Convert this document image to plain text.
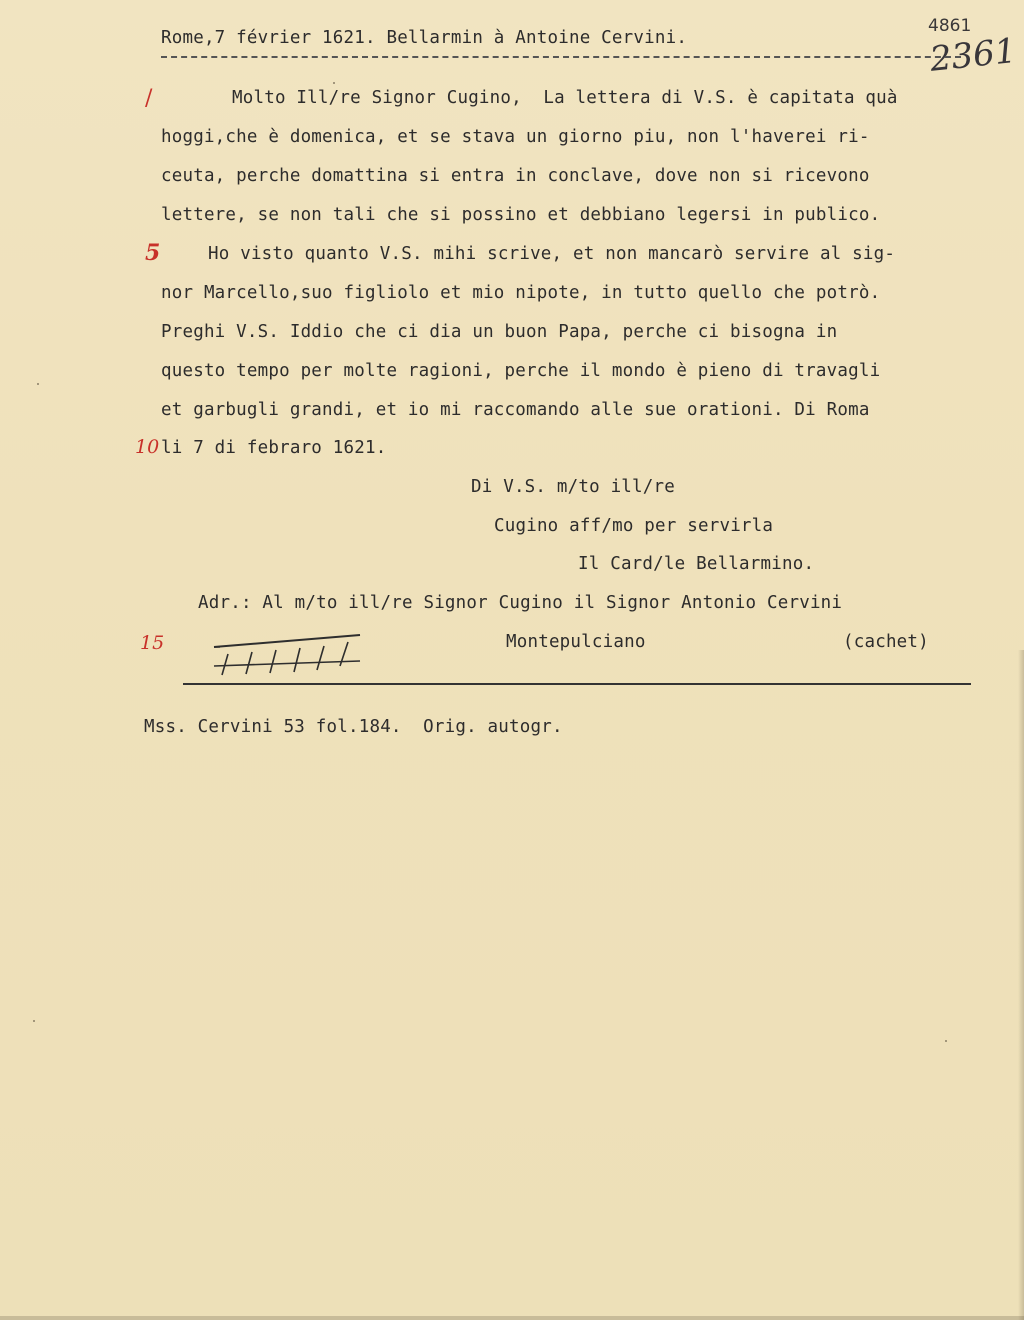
Rome,7 février 1621. Bellarmin à Antoine Cervini.
4861
2361
/
5
10
15
Molto Ill/re Signor Cugino,  La lettera di V.S. è capitata quà
hoggi,che è domenica, et se stava un giorno piu, non l'haverei ri-
ceuta, perche domattina si entra in conclave, dove non si ricevono
lettere, se non tali che si possino et debbiano legersi in publico.
Ho visto quanto V.S. mihi scrive, et non mancarò servire al sig-
nor Marcello,suo figliolo et mio nipote, in tutto quello che potrò.
Preghi V.S. Iddio che ci dia un buon Papa, perche ci bisogna in
questo tempo per molte ragioni, perche il mondo è pieno di travagli
et garbugli grandi, et io mi raccomando alle sue orationi. Di Roma
li 7 di febraro 1621.
Di V.S. m/to ill/re
Cugino aff/mo per servirla
Il Card/le Bellarmino.
Adr.: Al m/to ill/re Signor Cugino il Signor Antonio Cervini
Montepulciano	(cachet)
Mss. Cervini 53 fol.184.  Orig. autogr.
